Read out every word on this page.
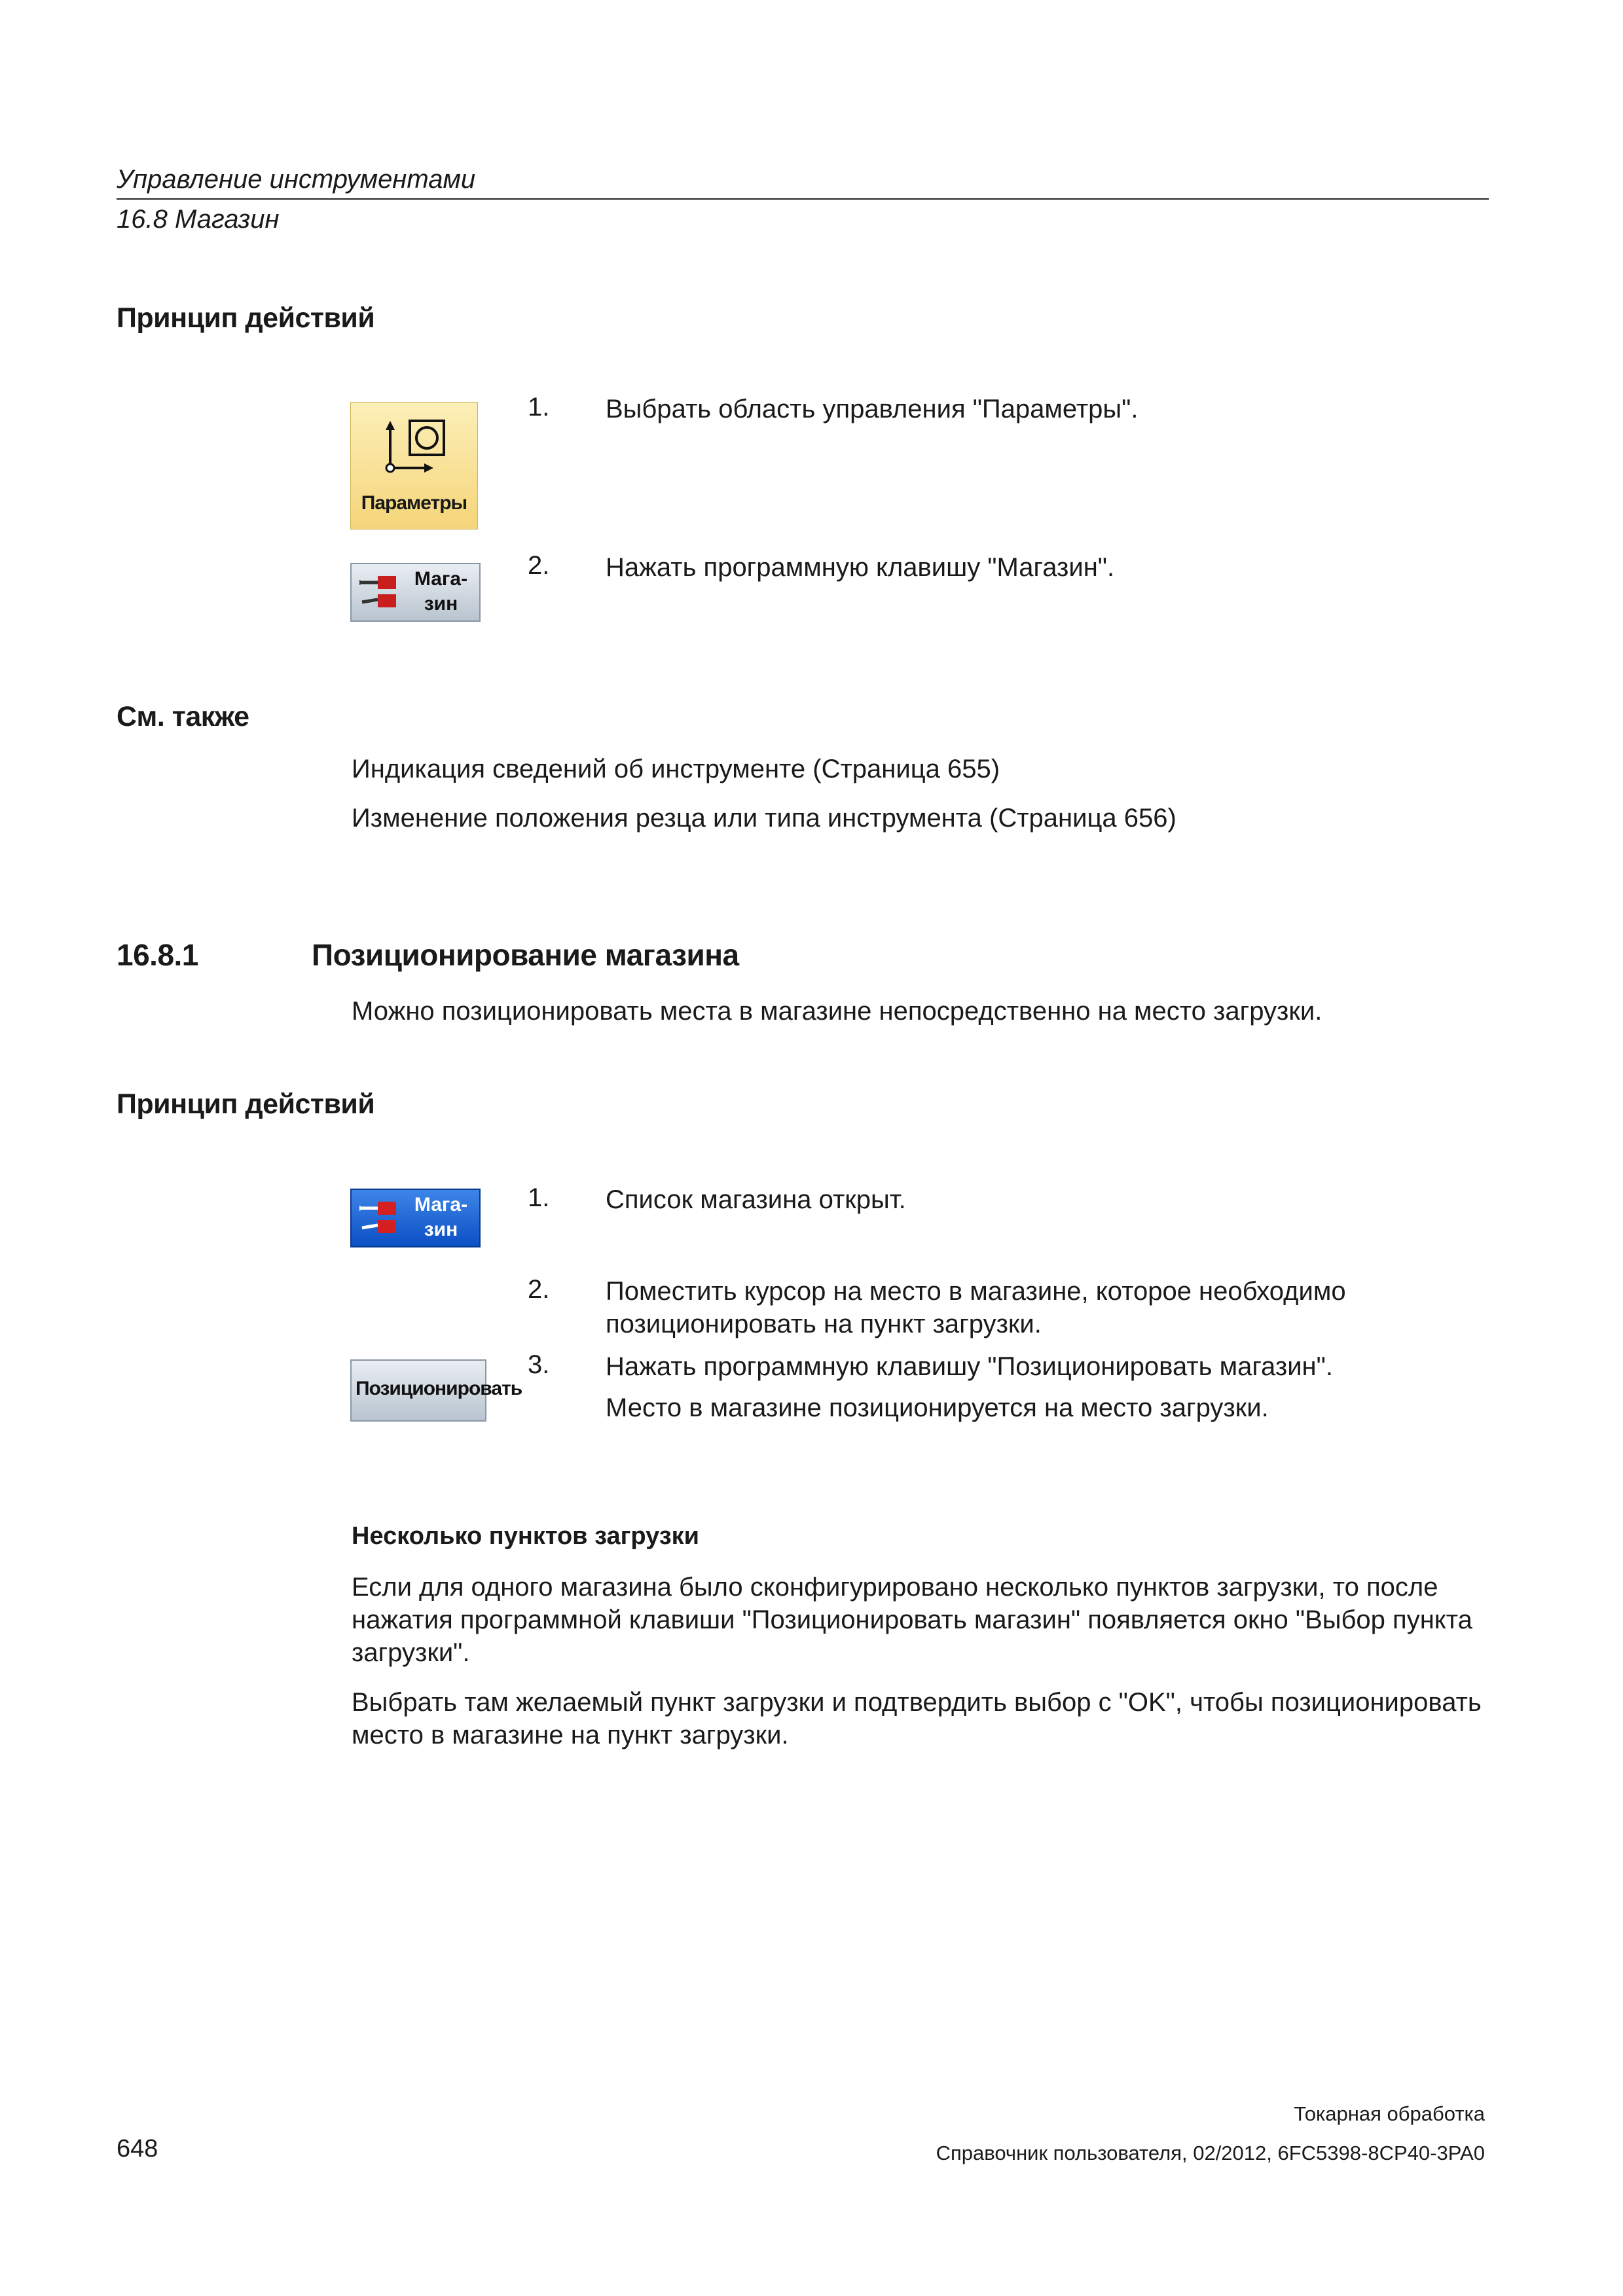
Управление инструментами
16.8 Магазин
Принцип действий
Параметры
1. Выбрать область управления "Параметры".
Мага-
зин
2. Нажать программную клавишу "Магазин".
См. также
Индикация сведений об инструменте (Страница 655)
Изменение положения резца или типа инструмента (Страница 656)
16.8.1	Позиционирование магазина
Можно позиционировать места в магазине непосредственно на место загрузки.
Принцип действий
Мага-
зин
1. Список магазина открыт.
2. Поместить курсор на место в магазине, которое необходимо позиционировать на пункт загрузки.
Позиционировать
3. Нажать программную клавишу "Позиционировать магазин".
Место в магазине позиционируется на место загрузки.
Несколько пунктов загрузки
Если для одного магазина было сконфигурировано несколько пунктов загрузки, то после нажатия программной клавиши "Позиционировать магазин" появляется окно "Выбор пункта загрузки".
Выбрать там желаемый пункт загрузки и подтвердить выбор с "OK", чтобы позиционировать место в магазине на пункт загрузки.
Токарная обработка
648	Справочник пользователя, 02/2012, 6FC5398-8CP40-3PA0
